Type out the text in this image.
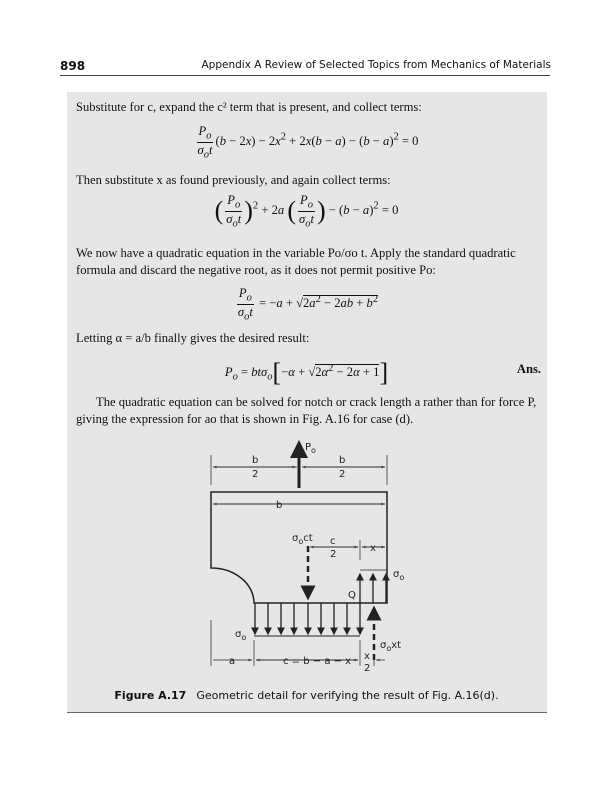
898	Appendix A Review of Selected Topics from Mechanics of Materials
Substitute for c, expand the c² term that is present, and collect terms:
$\frac{P_o}{\sigma_ot} (b - 2x) - 2x^2 + 2x(b - a) - (b - a)^2 = 0$
Then substitute x as found previously, and again collect terms:
( $\frac{P_o}{\sigma_ot} )^2 + 2a$ ( $\frac{P_o}{\sigma_ot}$ ) − $(b - a)^2 = 0$
We now have a quadratic equation in the variable Po/σo t. Apply the standard quadratic formula and discard the negative root, as it does not permit positive Po:
$\frac{P_o}{\sigma_ot} = -a + √2a^2 - 2ab + b^2$
Letting α = a/b finally gives the desired result:
$P_o = bt\sigma_o[-\alpha + √2\alpha^2 - 2\alpha + 1]$	Ans.
The quadratic equation can be solved for notch or crack length a rather than for force P, giving the expression for ao that is shown in Fig. A.16 for case (d).
$P_o$
b
2
b
2
b
$\sigma_oct$ c
2
x
$\sigma_o$
Q
$\sigma_o$
$\sigma_oxt$
a	c = b − a − x x
2
Figure A.17 Geometric detail for verifying the result of Fig. A.16(d).
